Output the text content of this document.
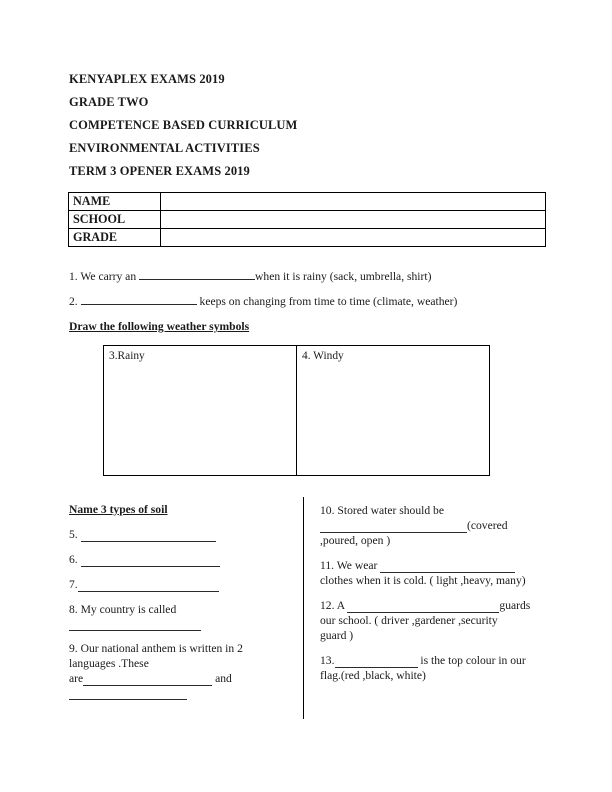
KENYAPLEX EXAMS 2019
GRADE TWO
COMPETENCE BASED CURRICULUM
ENVIRONMENTAL ACTIVITIES
TERM 3 OPENER EXAMS 2019
NAME	
SCHOOL	
GRADE	
1. We carry an	when it is rainy (sack, umbrella, shirt)
2.	keeps on changing from time to time (climate, weather)
Draw the following weather symbols
3.Rainy	4. Windy
Name 3 types of soil
5.
6.
7.
8. My country is called
9. Our national anthem is written in 2
languages .These
are	and
10. Stored water should be
(covered
,poured, open )
11. We wear
clothes when it is cold. ( light ,heavy, many)
12. A	guards
our school. ( driver ,gardener ,security
guard )
13.	is the top colour in our
flag.(red ,black, white)
